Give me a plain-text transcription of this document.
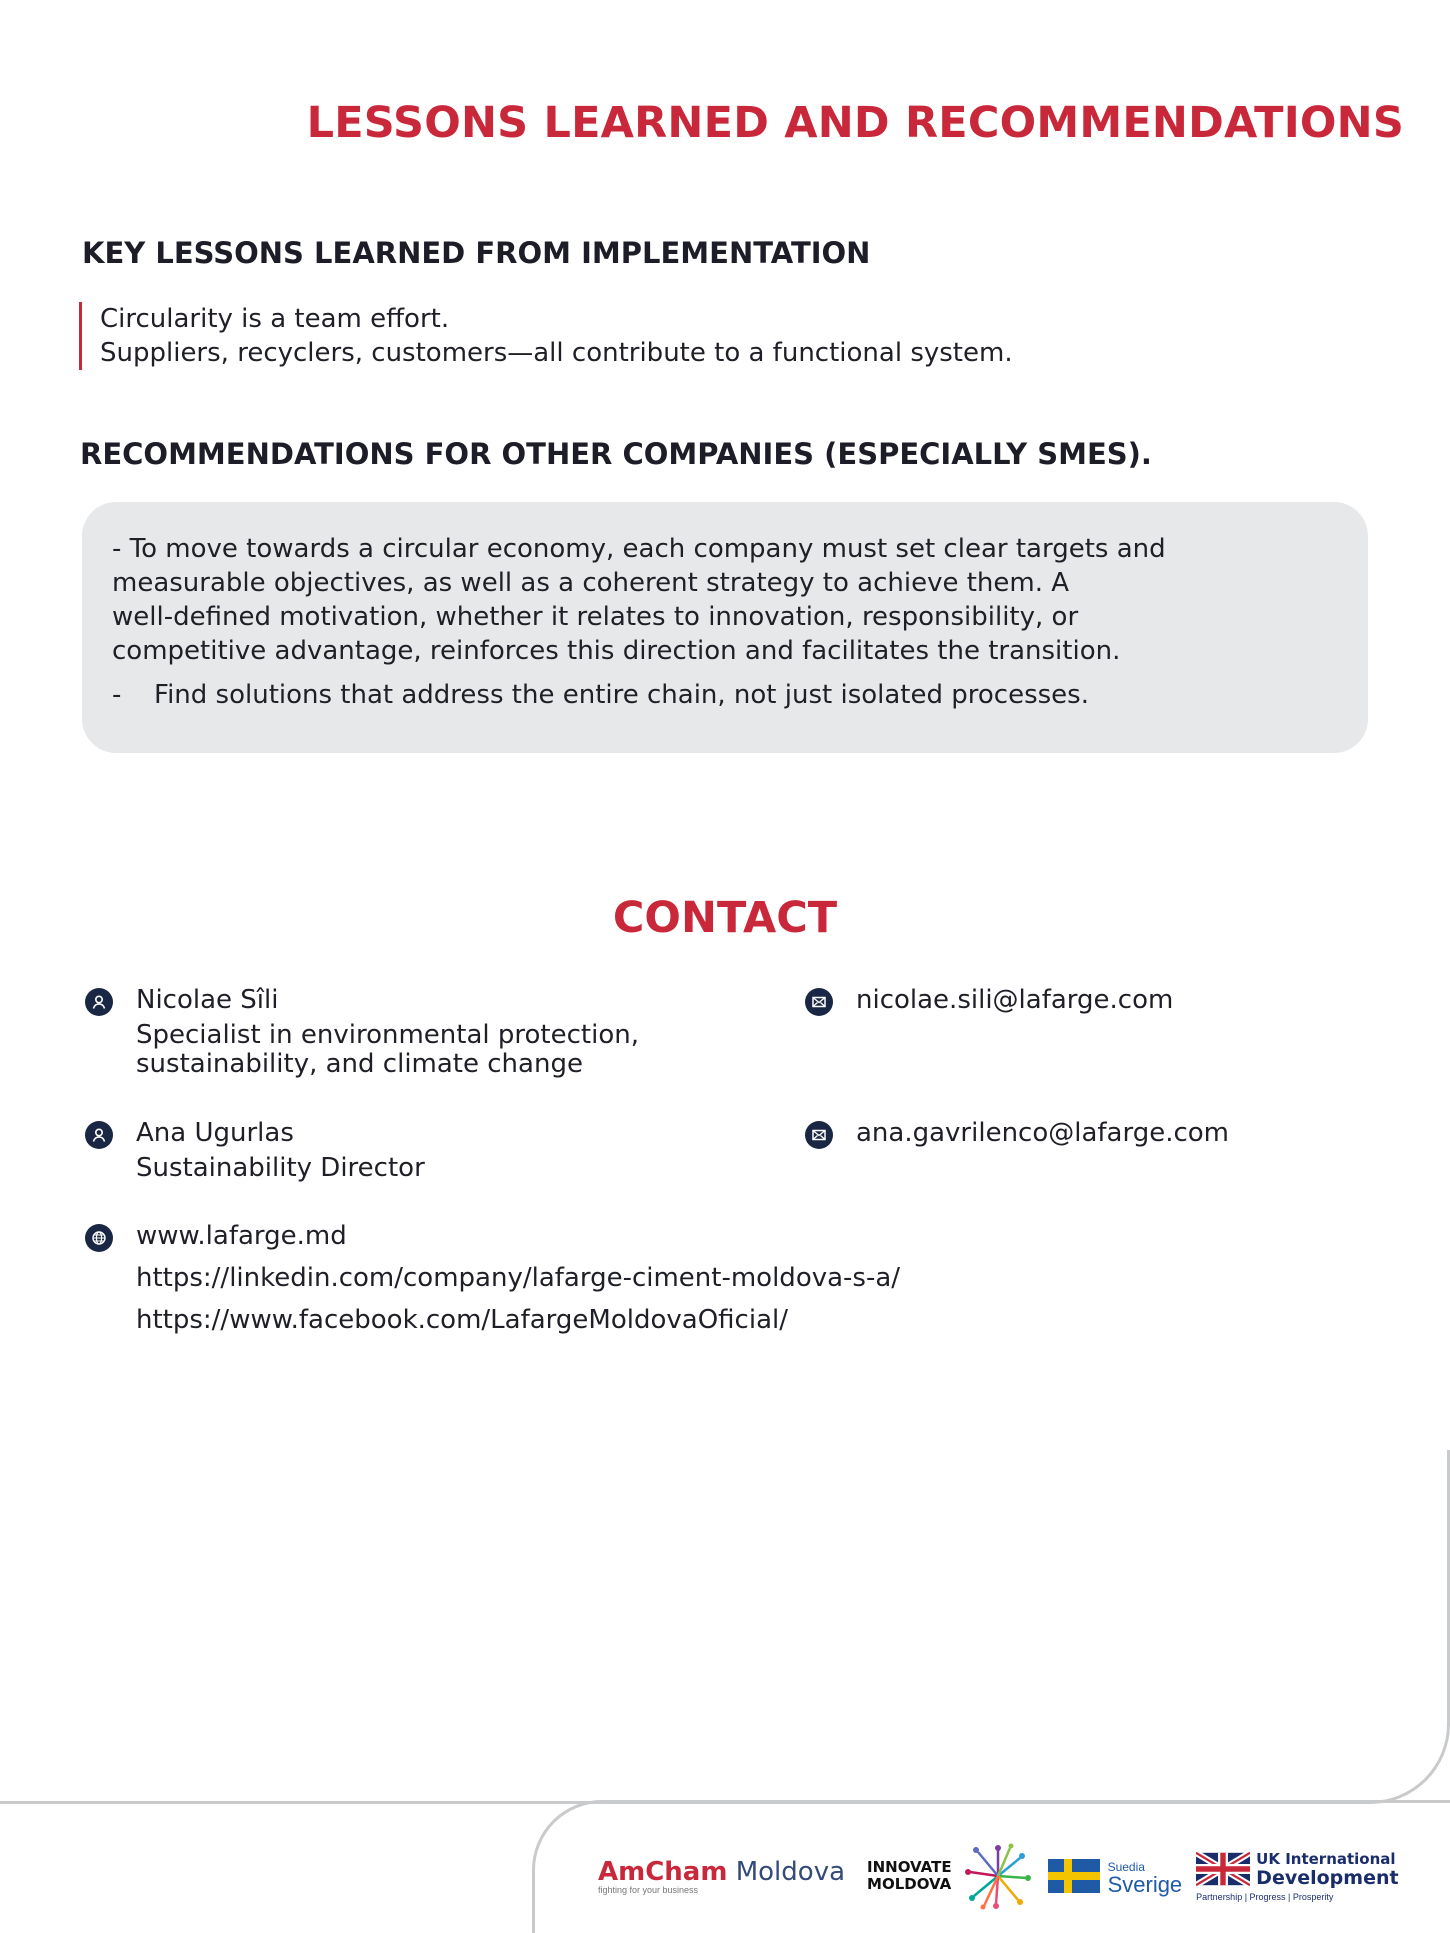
LESSONS LEARNED AND RECOMMENDATIONS
KEY LESSONS LEARNED FROM IMPLEMENTATION
Circularity is a team effort.
Suppliers, recyclers, customers—all contribute to a functional system.
RECOMMENDATIONS FOR OTHER COMPANIES (ESPECIALLY SMES).
- To move towards a circular economy, each company must set clear targets and
measurable objectives, as well as a coherent strategy to achieve them. A
well-defined motivation, whether it relates to innovation, responsibility, or
competitive advantage, reinforces this direction and facilitates the transition.
-	Find solutions that address the entire chain, not just isolated processes.
CONTACT
Nicolae Sîli
Specialist in environmental protection,
sustainability, and climate change
nicolae.sili@lafarge.com
Ana Ugurlas
Sustainability Director
ana.gavrilenco@lafarge.com
www.lafarge.md
https://linkedin.com/company/lafarge-ciment-moldova-s-a/
https://www.facebook.com/LafargeMoldovaOficial/
AmCham Moldova
fighting for your business
INNOVATE
MOLDOVA
Suedia
Sverige
UK International
Development
Partnership | Progress | Prosperity
